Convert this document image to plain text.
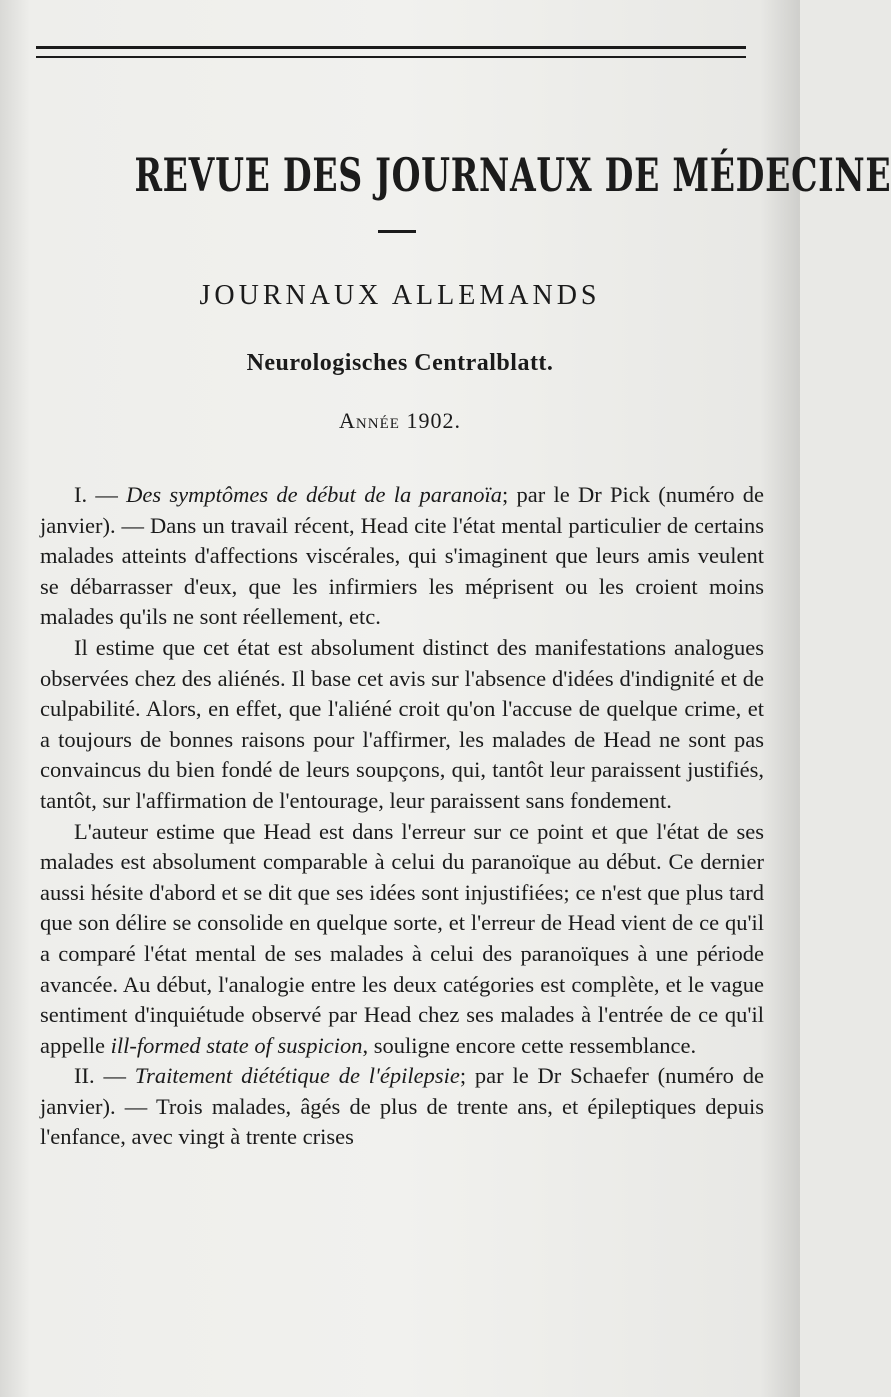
REVUE DES JOURNAUX DE MÉDECINE
JOURNAUX ALLEMANDS
Neurologisches Centralblatt.
Année 1902.

I. — Des symptômes de début de la paranoïa; par le Dr Pick (numéro de janvier). — Dans un travail récent, Head cite l'état mental particulier de certains malades atteints d'affections viscérales, qui s'imaginent que leurs amis veulent se débarrasser d'eux, que les infirmiers les méprisent ou les croient moins malades qu'ils ne sont réellement, etc.

Il estime que cet état est absolument distinct des manifestations analogues observées chez des aliénés. Il base cet avis sur l'absence d'idées d'indignité et de culpabilité. Alors, en effet, que l'aliéné croit qu'on l'accuse de quelque crime, et a toujours de bonnes raisons pour l'affirmer, les malades de Head ne sont pas convaincus du bien fondé de leurs soupçons, qui, tantôt leur paraissent justifiés, tantôt, sur l'affirmation de l'entourage, leur paraissent sans fondement.

L'auteur estime que Head est dans l'erreur sur ce point et que l'état de ses malades est absolument comparable à celui du paranoïque au début. Ce dernier aussi hésite d'abord et se dit que ses idées sont injustifiées; ce n'est que plus tard que son délire se consolide en quelque sorte, et l'erreur de Head vient de ce qu'il a comparé l'état mental de ses malades à celui des paranoïques à une période avancée. Au début, l'analogie entre les deux catégories est complète, et le vague sentiment d'inquiétude observé par Head chez ses malades à l'entrée de ce qu'il appelle ill-formed state of suspicion, souligne encore cette ressemblance.

II. — Traitement diététique de l'épilepsie; par le Dr Schaefer (numéro de janvier). — Trois malades, âgés de plus de trente ans, et épileptiques depuis l'enfance, avec vingt à trente crises
